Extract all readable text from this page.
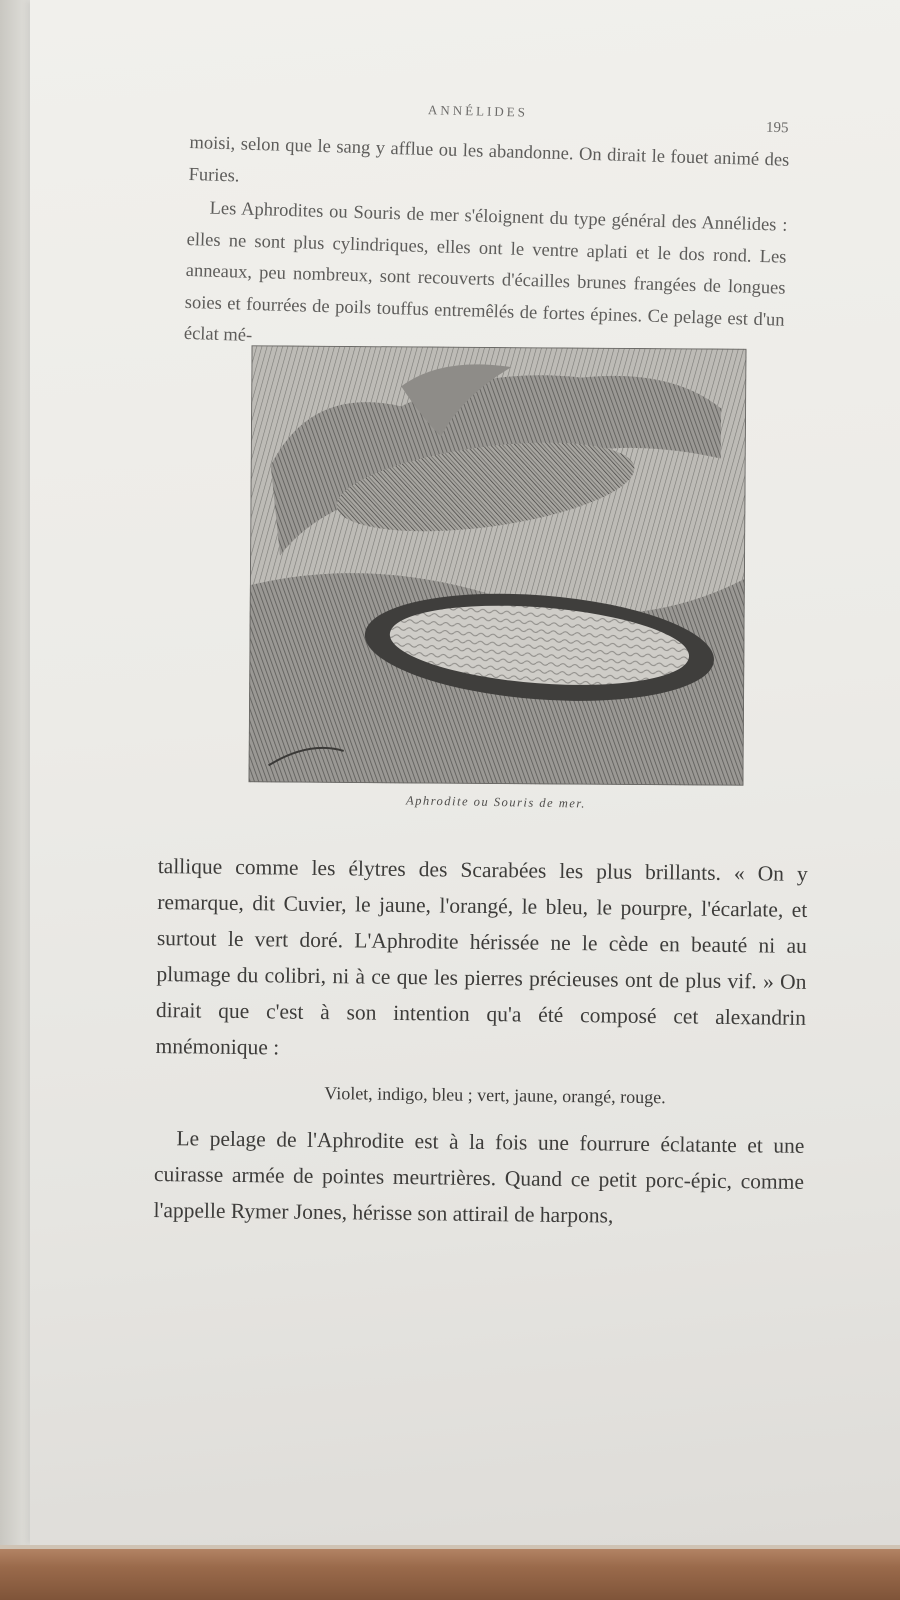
ANNÉLIDES
195

moisi, selon que le sang y afflue ou les abandonne. On dirait le fouet animé des Furies.

Les Aphrodites ou Souris de mer s'éloignent du type général des Annélides : elles ne sont plus cylindriques, elles ont le ventre aplati et le dos rond. Les anneaux, peu nombreux, sont recouverts d'écailles brunes frangées de longues soies et fourrées de poils touffus entremêlés de fortes épines. Ce pelage est d'un éclat mé-

Aphrodite ou Souris de mer.

tallique comme les élytres des Scarabées les plus brillants. « On y remarque, dit Cuvier, le jaune, l'orangé, le bleu, le pourpre, l'écarlate, et surtout le vert doré. L'Aphrodite hérissée ne le cède en beauté ni au plumage du colibri, ni à ce que les pierres précieuses ont de plus vif. » On dirait que c'est à son intention qu'a été composé cet alexandrin mnémonique :

Violet, indigo, bleu ; vert, jaune, orangé, rouge.

Le pelage de l'Aphrodite est à la fois une fourrure éclatante et une cuirasse armée de pointes meurtrières. Quand ce petit porc-épic, comme l'appelle Rymer Jones, hérisse son attirail de harpons,
